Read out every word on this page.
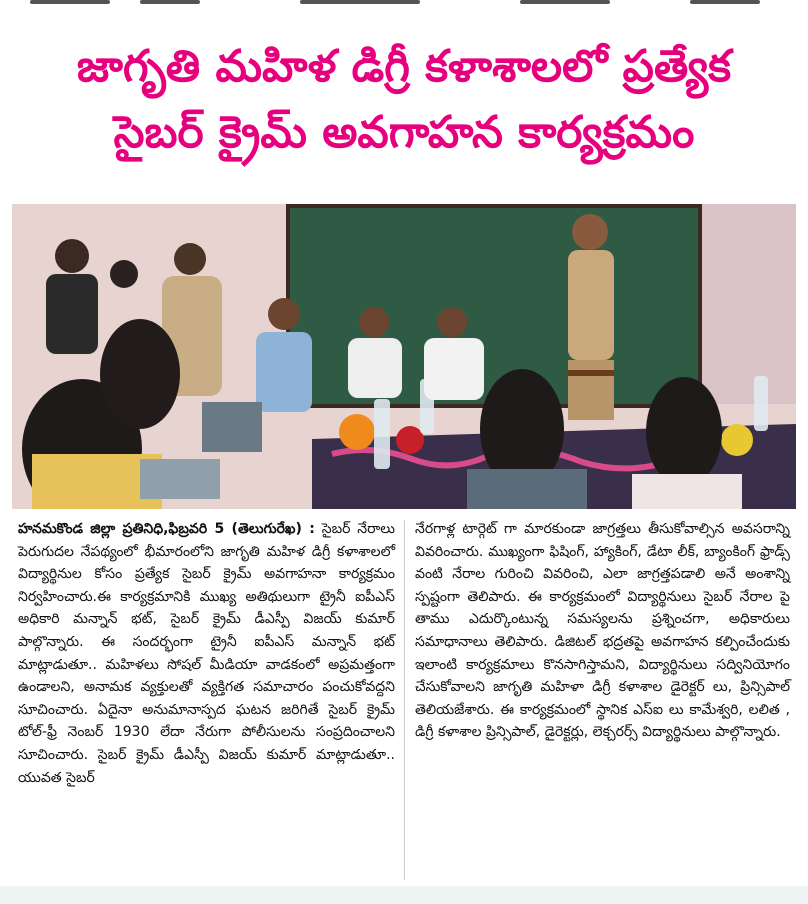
జాగృతి మహిళ డిగ్రీ కళాశాలలో ప్రత్యేక
సైబర్ క్రైమ్ అవగాహన కార్యక్రమం
హనమకొండ జిల్లా ప్రతినిధి,ఫిబ్రవరి 5 (తెలుగురేఖ) : సైబర్ నేరాలు పెరుగుదల నేపథ్యంలో భీమారంలోని జాగృతి మహిళ డిగ్రీ కళాశాలలో విద్యార్థినుల కోసం ప్రత్యేక సైబర్ క్రైమ్ అవగాహనా కార్యక్రమం నిర్వహించారు.ఈ కార్యక్రమానికి ముఖ్య అతిథులుగా ట్రైనీ ఐపీఎస్ అధికారి మన్నాన్ భట్, సైబర్ క్రైమ్ డీఎస్పీ విజయ్ కుమార్ పాల్గొన్నారు. ఈ సందర్భంగా ట్రైనీ ఐపీఎస్ మన్నాన్ భట్ మాట్లాడుతూ.. మహిళలు సోషల్ మీడియా వాడకంలో అప్రమత్తంగా ఉండాలని, అనామక వ్యక్తులతో వ్యక్తిగత సమాచారం పంచుకోవద్దని సూచించారు. ఏదైనా అనుమానాస్పద ఘటన జరిగితే సైబర్ క్రైమ్ టోల్-ఫ్రీ నెంబర్ 1930 లేదా నేరుగా పోలీసులను సంప్రదించాలని సూచించారు. సైబర్ క్రైమ్ డీఎస్పీ విజయ్ కుమార్ మాట్లాడుతూ.. యువత సైబర్
నేరగాళ్ల టార్గెట్ గా మారకుండా జాగ్రత్తలు తీసుకోవాల్సిన అవసరాన్ని వివరించారు. ముఖ్యంగా ఫిషింగ్, హ్యాకింగ్, డేటా లీక్, బ్యాంకింగ్ ఫ్రాడ్స్ వంటి నేరాల గురించి వివరించి, ఎలా జాగ్రత్తపడాలి అనే అంశాన్ని స్పష్టంగా తెలిపారు. ఈ కార్యక్రమంలో విద్యార్థినులు సైబర్ నేరాల పై తాము ఎదుర్కొంటున్న సమస్యలను ప్రశ్నించగా, అధికారులు సమాధానాలు తెలిపారు. డిజిటల్ భద్రతపై అవగాహన కల్పించేందుకు ఇలాంటి కార్యక్రమాలు కొనసాగిస్తామని, విద్యార్థినులు సద్వినియోగం చేసుకోవాలని జాగృతి మహిళా డిగ్రీ కళాశాల డైరెక్టర్ లు, ప్రిన్సిపాల్ తెలియజేశారు. ఈ కార్యక్రమంలో స్థానిక ఎస్ఐ లు కామేశ్వరి, లలిత , డిగ్రీ కళాశాల ప్రిన్సిపాల్, డైరెక్టర్లు, లెక్చరర్స్ విద్యార్థినులు పాల్గొన్నారు.
